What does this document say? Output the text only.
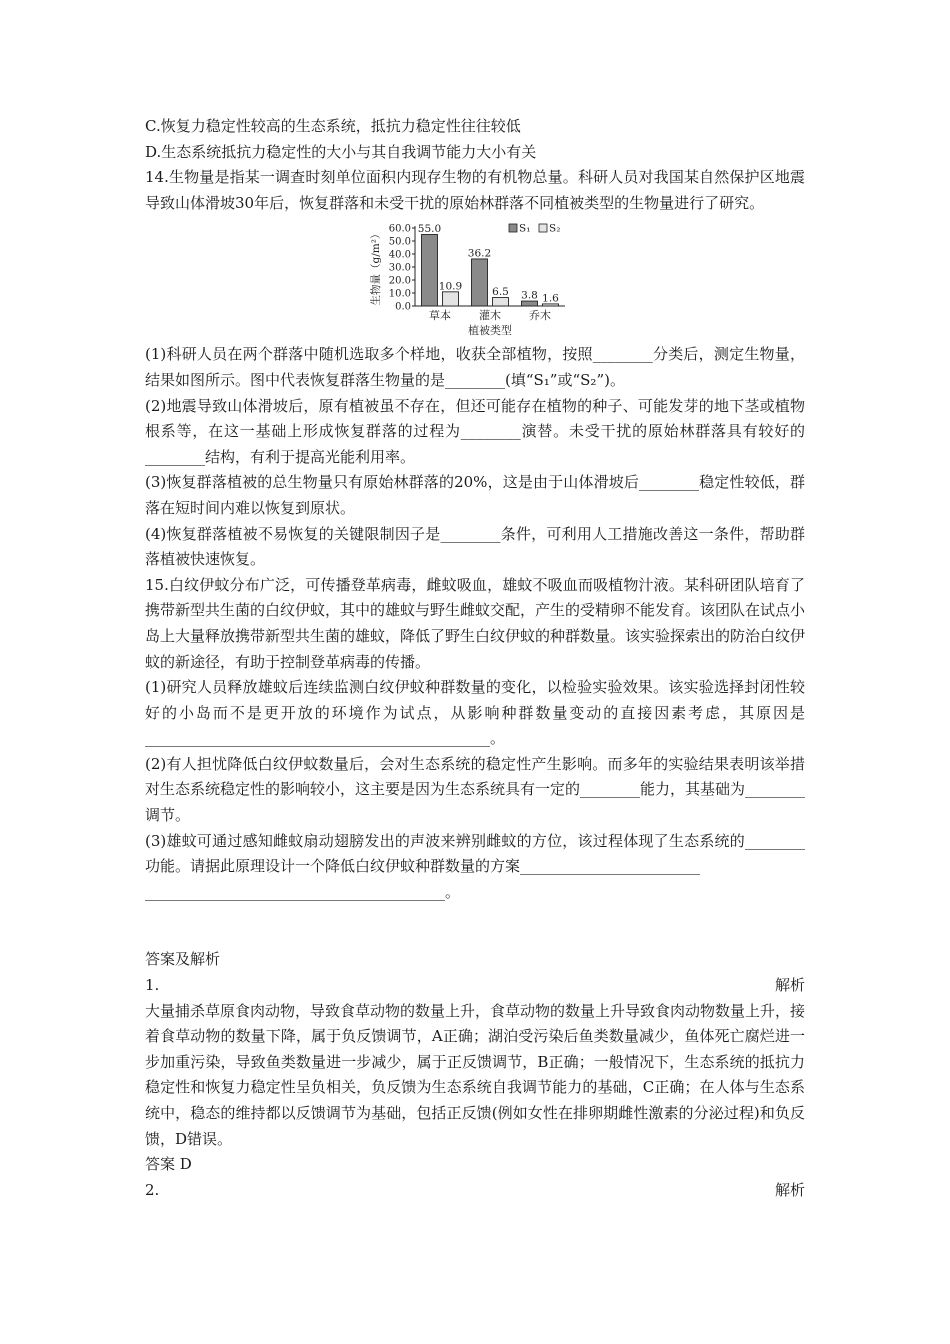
C.恢复力稳定性较高的生态系统，抵抗力稳定性往往较低

D.生态系统抵抗力稳定性的大小与其自我调节能力大小有关

14.生物量是指某一调查时刻单位面积内现存生物的有机物总量。科研人员对我国某自然保护区地震导致山体滑坡30年后，恢复群落和未受干扰的原始林群落不同植被类型的生物量进行了研究。

60.0
50.0
40.0
30.0
20.0
10.0
0.0
生物量（g/m²）	55.0
10.9
草本
36.2
6.5
灌木
3.8 1.6
乔木
植被类型
S₁ S₂

(1)科研人员在两个群落中随机选取多个样地，收获全部植物，按照________分类后，测定生物量，结果如图所示。图中代表恢复群落生物量的是________(填“S₁”或“S₂”)。

(2)地震导致山体滑坡后，原有植被虽不存在，但还可能存在植物的种子、可能发芽的地下茎或植物根系等，在这一基础上形成恢复群落的过程为________演替。未受干扰的原始林群落具有较好的________结构，有利于提高光能利用率。

(3)恢复群落植被的总生物量只有原始林群落的20%，这是由于山体滑坡后________稳定性较低，群落在短时间内难以恢复到原状。

(4)恢复群落植被不易恢复的关键限制因子是________条件，可利用人工措施改善这一条件，帮助群落植被快速恢复。

15.白纹伊蚊分布广泛，可传播登革病毒，雌蚊吸血，雄蚊不吸血而吸植物汁液。某科研团队培育了携带新型共生菌的白纹伊蚊，其中的雄蚊与野生雌蚊交配，产生的受精卵不能发育。该团队在试点小岛上大量释放携带新型共生菌的雄蚊，降低了野生白纹伊蚊的种群数量。该实验探索出的防治白纹伊蚊的新途径，有助于控制登革病毒的传播。

(1)研究人员释放雄蚊后连续监测白纹伊蚊种群数量的变化，以检验实验效果。该实验选择封闭性较好的小岛而不是更开放的环境作为试点，从影响种群数量变动的直接因素考虑，其原因是______________________________________________。

(2)有人担忧降低白纹伊蚊数量后，会对生态系统的稳定性产生影响。而多年的实验结果表明该举措对生态系统稳定性的影响较小，这主要是因为生态系统具有一定的________能力，其基础为________调节。

(3)雄蚊可通过感知雌蚊扇动翅膀发出的声波来辨别雌蚊的方位，该过程体现了生态系统的________功能。请据此原理设计一个降低白纹伊蚊种群数量的方案________________________

________________________________________。

答案及解析

1.	解析

大量捕杀草原食肉动物，导致食草动物的数量上升，食草动物的数量上升导致食肉动物数量上升，接着食草动物的数量下降，属于负反馈调节，A正确；湖泊受污染后鱼类数量减少，鱼体死亡腐烂进一步加重污染，导致鱼类数量进一步减少，属于正反馈调节，B正确；一般情况下，生态系统的抵抗力稳定性和恢复力稳定性呈负相关，负反馈为生态系统自我调节能力的基础，C正确；在人体与生态系统中，稳态的维持都以反馈调节为基础，包括正反馈(例如女性在排卵期雌性激素的分泌过程)和负反馈，D错误。

答案 D

2.	解析
